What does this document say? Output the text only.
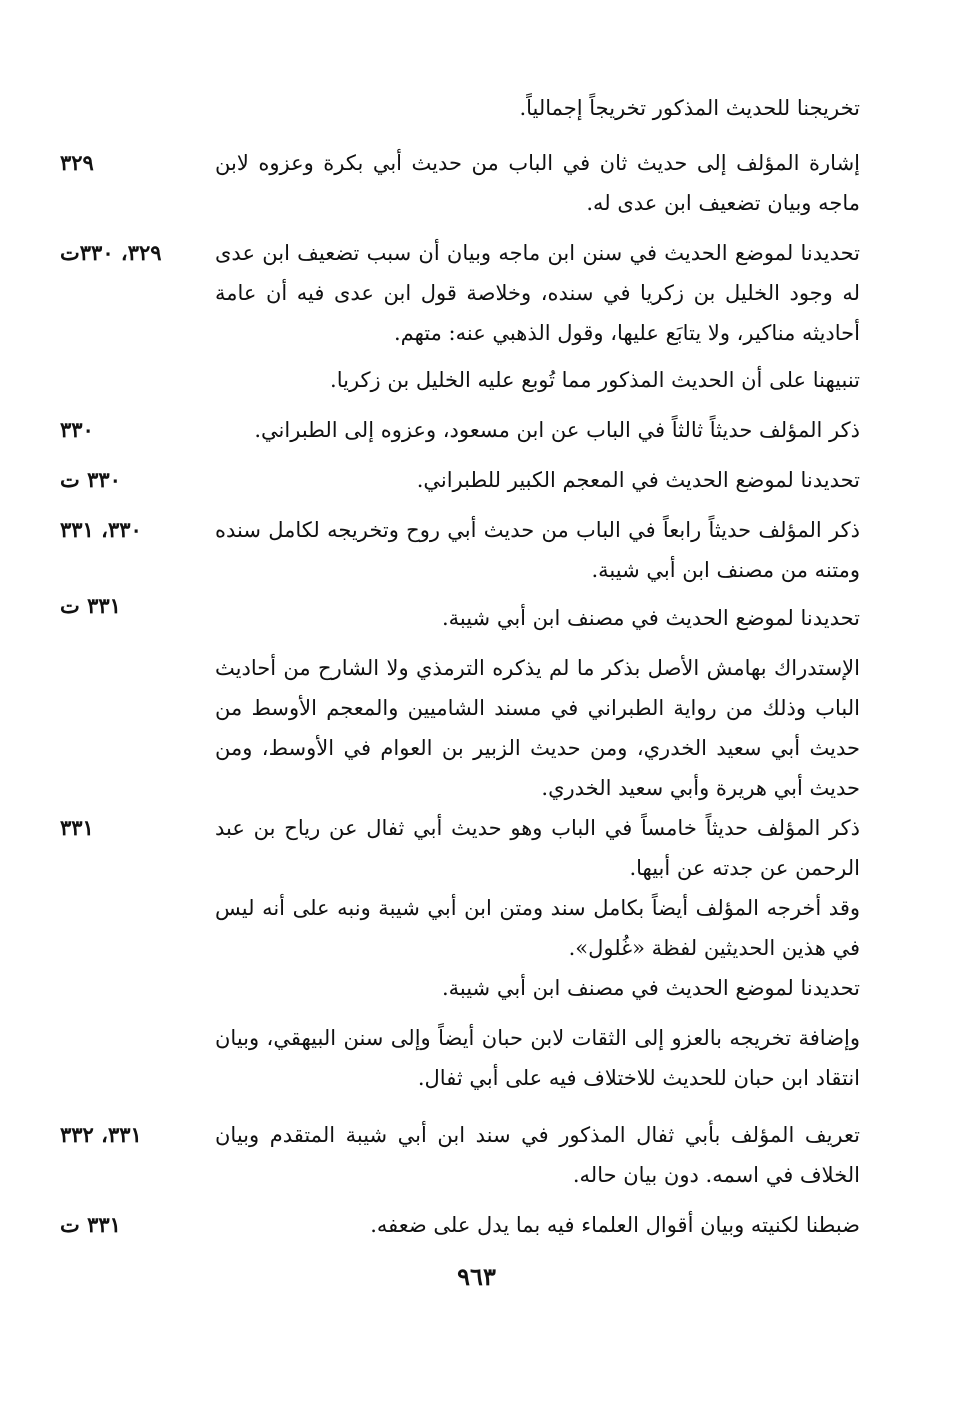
تخريجنا للحديث المذكور تخريجاً إجمالياً.
إشارة المؤلف إلى حديث ثان في الباب من حديث أبي بكرة وعزوه لابن ماجه وبيان تضعيف ابن عدى له.
٣٢٩
تحديدنا لموضع الحديث في سنن ابن ماجه وبيان أن سبب تضعيف ابن عدى له وجود الخليل بن زكريا في سنده، وخلاصة قول ابن عدى فيه أن عامة أحاديثه مناكير، ولا يتابَع عليها، وقول الذهبي عنه: متهم.
٣٢٩، ٣٣٠ت
تنبيهنا على أن الحديث المذكور مما تُوبع عليه الخليل بن زكريا.
ذكر المؤلف حديثاً ثالثاً في الباب عن ابن مسعود، وعزوه إلى الطبراني.
٣٣٠
تحديدنا لموضع الحديث في المعجم الكبير للطبراني.
٣٣٠ ت
ذكر المؤلف حديثاً رابعاً في الباب من حديث أبي روح وتخريجه لكامل سنده ومتنه من مصنف ابن أبي شيبة.
٣٣٠، ٣٣١
تحديدنا لموضع الحديث في مصنف ابن أبي شيبة.
٣٣١ ت
الإستدراك بهامش الأصل بذكر ما لم يذكره الترمذي ولا الشارح من أحاديث الباب وذلك من رواية الطبراني في مسند الشاميين والمعجم الأوسط من حديث أبي سعيد الخدري، ومن حديث الزبير بن العوام في الأوسط، ومن حديث أبي هريرة وأبي سعيد الخدري.
ذكر المؤلف حديثاً خامساً في الباب وهو حديث أبي ثفال عن رياح بن عبد الرحمن عن جدته عن أبيها.
٣٣١
وقد أخرجه المؤلف أيضاً بكامل سند ومتن ابن أبي شيبة ونبه على أنه ليس في هذين الحديثين لفظة «غُلول».
تحديدنا لموضع الحديث في مصنف ابن أبي شيبة.
وإضافة تخريجه بالعزو إلى الثقات لابن حبان أيضاً وإلى سنن البيهقي، وبيان انتقاد ابن حبان للحديث للاختلاف فيه على أبي ثفال.
تعريف المؤلف بأبي ثفال المذكور في سند ابن أبي شيبة المتقدم وبيان الخلاف في اسمه. دون بيان حاله.
٣٣١، ٣٣٢
ضبطنا لكنيته وبيان أقوال العلماء فيه بما يدل على ضعفه.
٣٣١ ت
٩٦٣
